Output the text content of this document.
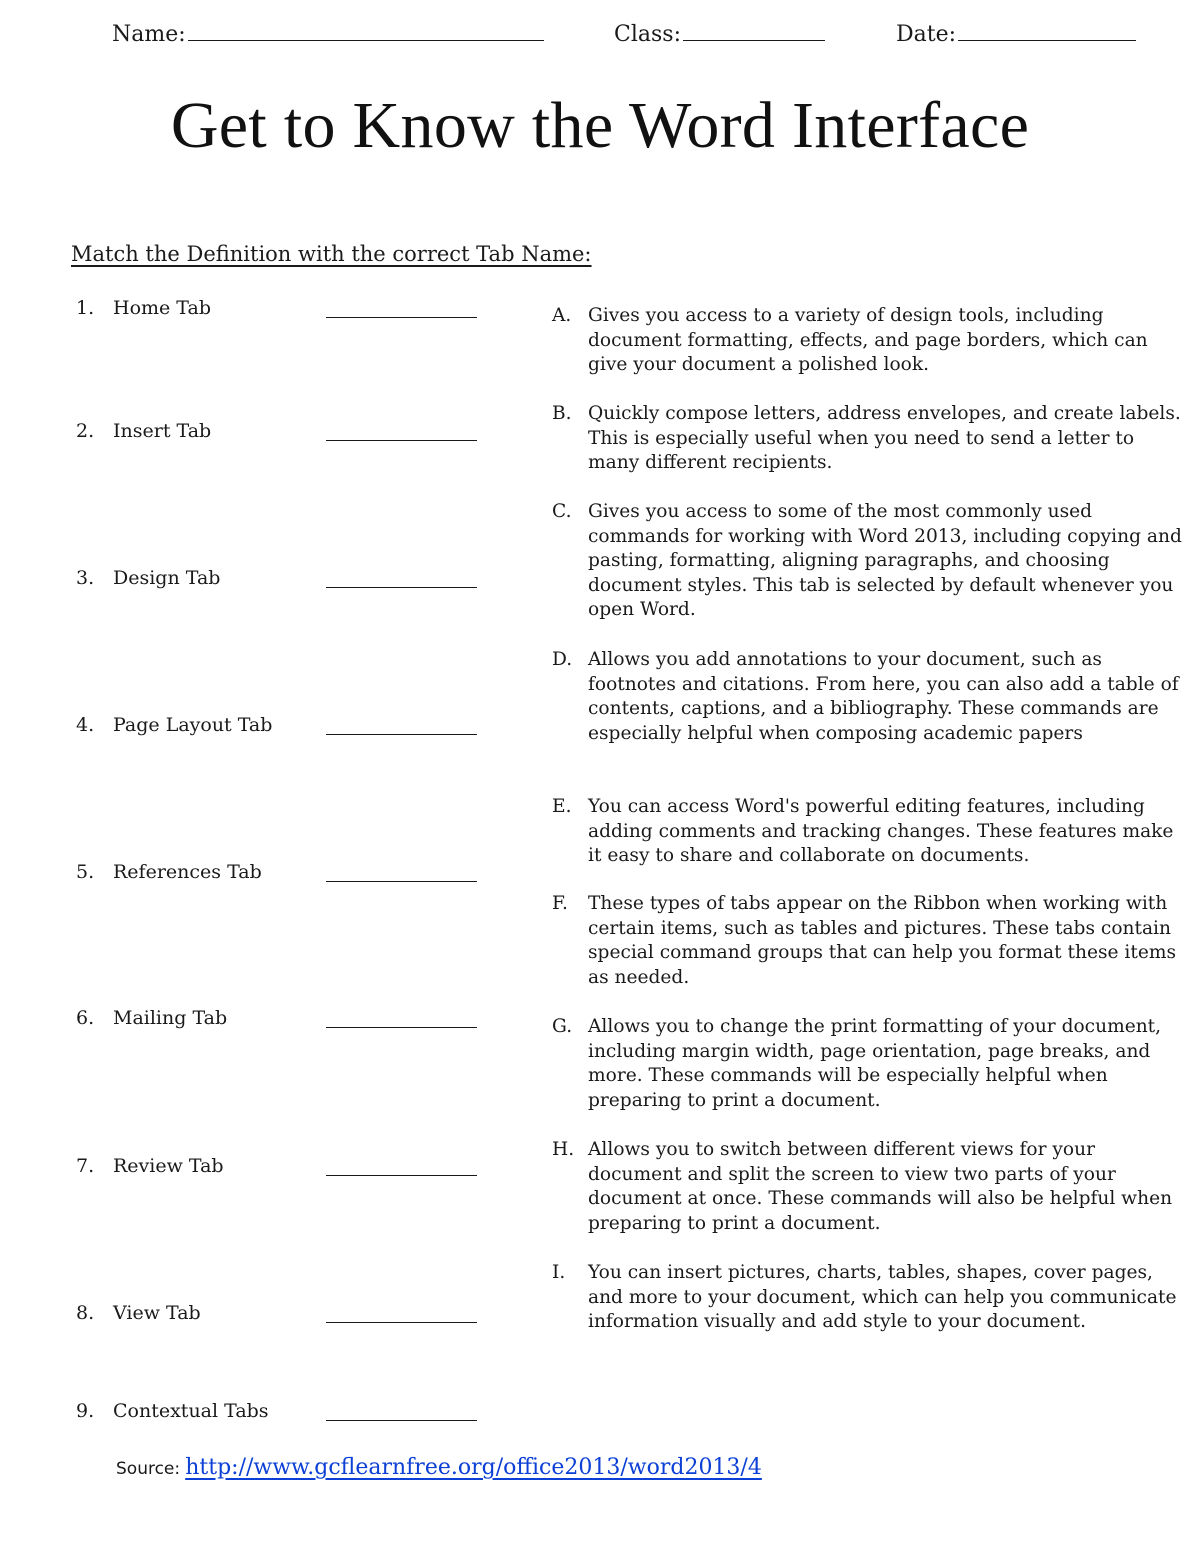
Name:	Class:	Date:
Get to Know the Word Interface
Match the Definition with the correct Tab Name:
1. Home Tab
2. Insert Tab
3. Design Tab
4. Page Layout Tab
5. References Tab
6. Mailing Tab
7. Review Tab
8. View Tab
9. Contextual Tabs
A. Gives you access to a variety of design tools, including document formatting, effects, and page borders, which can give your document a polished look.
B. Quickly compose letters, address envelopes, and create labels. This is especially useful when you need to send a letter to many different recipients.
C. Gives you access to some of the most commonly used commands for working with Word 2013, including copying and pasting, formatting, aligning paragraphs, and choosing document styles. This tab is selected by default whenever you open Word.
D. Allows you add annotations to your document, such as footnotes and citations. From here, you can also add a table of contents, captions, and a bibliography. These commands are especially helpful when composing academic papers
E. You can access Word's powerful editing features, including adding comments and tracking changes. These features make it easy to share and collaborate on documents.
F. These types of tabs appear on the Ribbon when working with certain items, such as tables and pictures. These tabs contain special command groups that can help you format these items as needed.
G. Allows you to change the print formatting of your document, including margin width, page orientation, page breaks, and more. These commands will be especially helpful when preparing to print a document.
H. Allows you to switch between different views for your document and split the screen to view two parts of your document at once. These commands will also be helpful when preparing to print a document.
I. You can insert pictures, charts, tables, shapes, cover pages, and more to your document, which can help you communicate information visually and add style to your document.
Source: http://www.gcflearnfree.org/office2013/word2013/4
